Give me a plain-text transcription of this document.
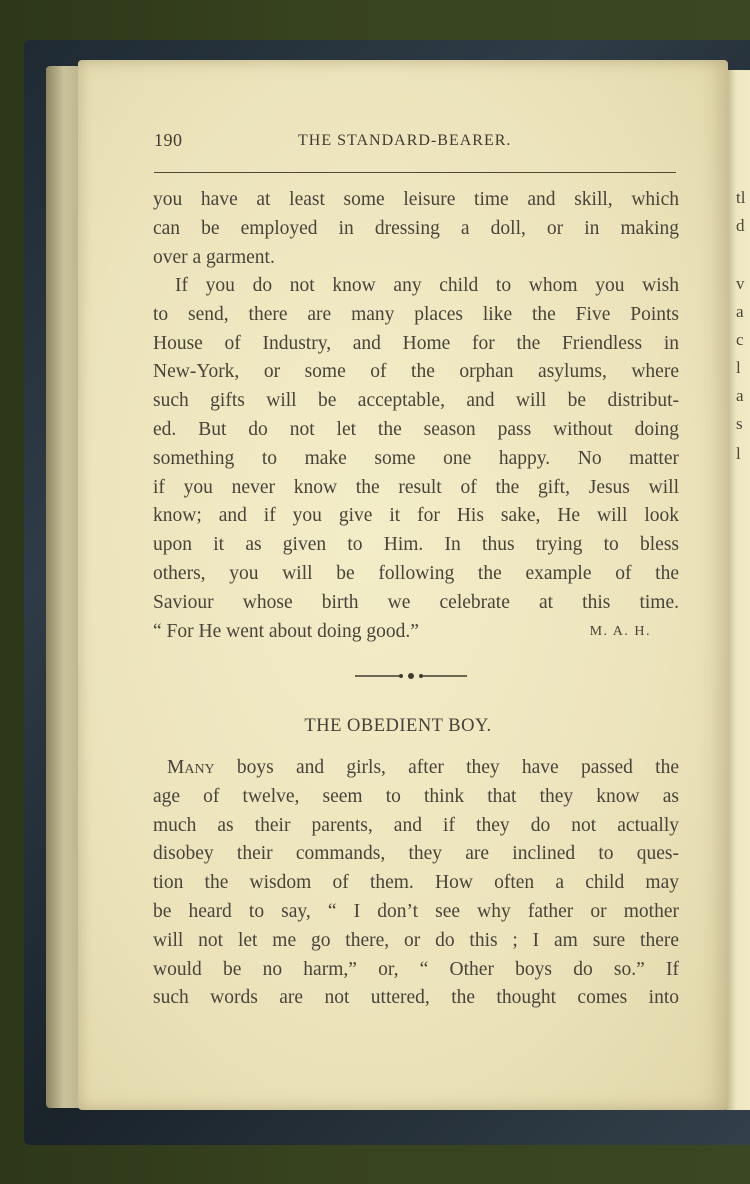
tl
d
v
a
c
l
a
s
l
190	THE STANDARD-BEARER.
you have at least some leisure time and skill, which
can be employed in dressing a doll, or in making
over a garment.
If you do not know any child to whom you wish
to send, there are many places like the Five Points
House of Industry, and Home for the Friendless in
New-York, or some of the orphan asylums, where
such gifts will be acceptable, and will be distribut-
ed. But do not let the season pass without doing
something to make some one happy. No matter
if you never know the result of the gift, Jesus will
know; and if you give it for His sake, He will look
upon it as given to Him. In thus trying to bless
others, you will be following the example of the
Saviour whose birth we celebrate at this time.
“ For He went about doing good.”	M. A. H.
THE OBEDIENT BOY.
Many boys and girls, after they have passed the
age of twelve, seem to think that they know as
much as their parents, and if they do not actually
disobey their commands, they are inclined to ques-
tion the wisdom of them. How often a child may
be heard to say, “ I don’t see why father or mother
will not let me go there, or do this ; I am sure there
would be no harm,” or, “ Other boys do so.” If
such words are not uttered, the thought comes into
